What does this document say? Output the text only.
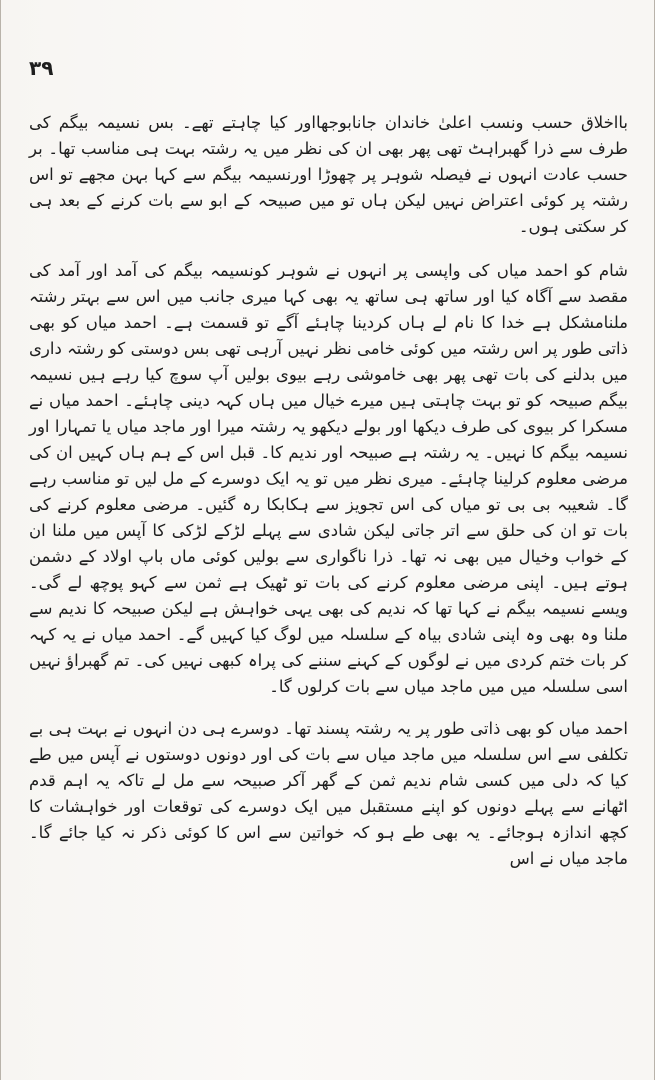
٣٩

بااخلاق حسب ونسب اعلیٰ خاندان جانابوجھااور کیا چاہتے تھے۔ بس نسیمہ بیگم کی طرف سے ذرا گھبراہٹ تھی پھر بھی ان کی نظر میں یہ رشتہ بہت ہی مناسب تھا۔ بر حسب عادت انہوں نے فیصلہ شوہر پر چھوڑا اورنسیمہ بیگم سے کہا بہن مجھے تو اس رشتہ پر کوئی اعتراض نہیں لیکن ہاں تو میں صبیحہ کے ابو سے بات کرنے کے بعد ہی کر سکتی ہوں۔

شام کو احمد میاں کی واپسی پر انہوں نے شوہر کونسیمہ بیگم کی آمد اور آمد کی مقصد سے آگاہ کیا اور ساتھ ہی ساتھ یہ بھی کہا میری جانب میں اس سے بہتر رشتہ ملنامشکل ہے خدا کا نام لے ہاں کردینا چاہئے آگے تو قسمت ہے۔ احمد میاں کو بھی ذاتی طور پر اس رشتہ میں کوئی خامی نظر نہیں آرہی تھی بس دوستی کو رشتہ داری میں بدلنے کی بات تھی پھر بھی خاموشی رہے بیوی بولیں آپ سوچ کیا رہے ہیں نسیمہ بیگم صبیحہ کو تو بہت چاہتی ہیں میرے خیال میں ہاں کہہ دینی چاہئے۔ احمد میاں نے مسکرا کر بیوی کی طرف دیکھا اور بولے دیکھو یہ رشتہ میرا اور ماجد میاں یا تمہارا اور نسیمہ بیگم کا نہیں۔ یہ رشتہ ہے صبیحہ اور ندیم کا۔ قبل اس کے ہم ہاں کہیں ان کی مرضی معلوم کرلینا چاہئے۔ میری نظر میں تو یہ ایک دوسرے کے مل لیں تو مناسب رہے گا۔ شعیبہ بی بی تو میاں کی اس تجویز سے ہکابکا رہ گئیں۔ مرضی معلوم کرنے کی بات تو ان کی حلق سے اتر جاتی لیکن شادی سے پہلے لڑکے لڑکی کا آپس میں ملنا ان کے خواب وخیال میں بھی نہ تھا۔ ذرا ناگواری سے بولیں کوئی ماں باپ اولاد کے دشمن ہوتے ہیں۔ اپنی مرضی معلوم کرنے کی بات تو ٹھیک ہے ثمن سے کہو پوچھ لے گی۔ ویسے نسیمہ بیگم نے کہا تھا کہ ندیم کی بھی یہی خواہش ہے لیکن صبیحہ کا ندیم سے ملنا وہ بھی وہ اپنی شادی بیاہ کے سلسلہ میں لوگ کیا کہیں گے۔ احمد میاں نے یہ کہہ کر بات ختم کردی میں نے لوگوں کے کہنے سننے کی پراہ کبھی نہیں کی۔ تم گھبراؤ نہیں اسی سلسلہ میں میں ماجد میاں سے بات کرلوں گا۔

احمد میاں کو بھی ذاتی طور پر یہ رشتہ پسند تھا۔ دوسرے ہی دن انہوں نے بہت ہی بے تکلفی سے اس سلسلہ میں ماجد میاں سے بات کی اور دونوں دوستوں نے آپس میں طے کیا کہ دلی میں کسی شام ندیم ثمن کے گھر آکر صبیحہ سے مل لے تاکہ یہ اہم قدم اٹھانے سے پہلے دونوں کو اپنے مستقبل میں ایک دوسرے کی توقعات اور خواہشات کا کچھ اندازہ ہوجائے۔ یہ بھی طے ہو کہ خواتین سے اس کا کوئی ذکر نہ کیا جائے گا۔ ماجد میاں نے اس
